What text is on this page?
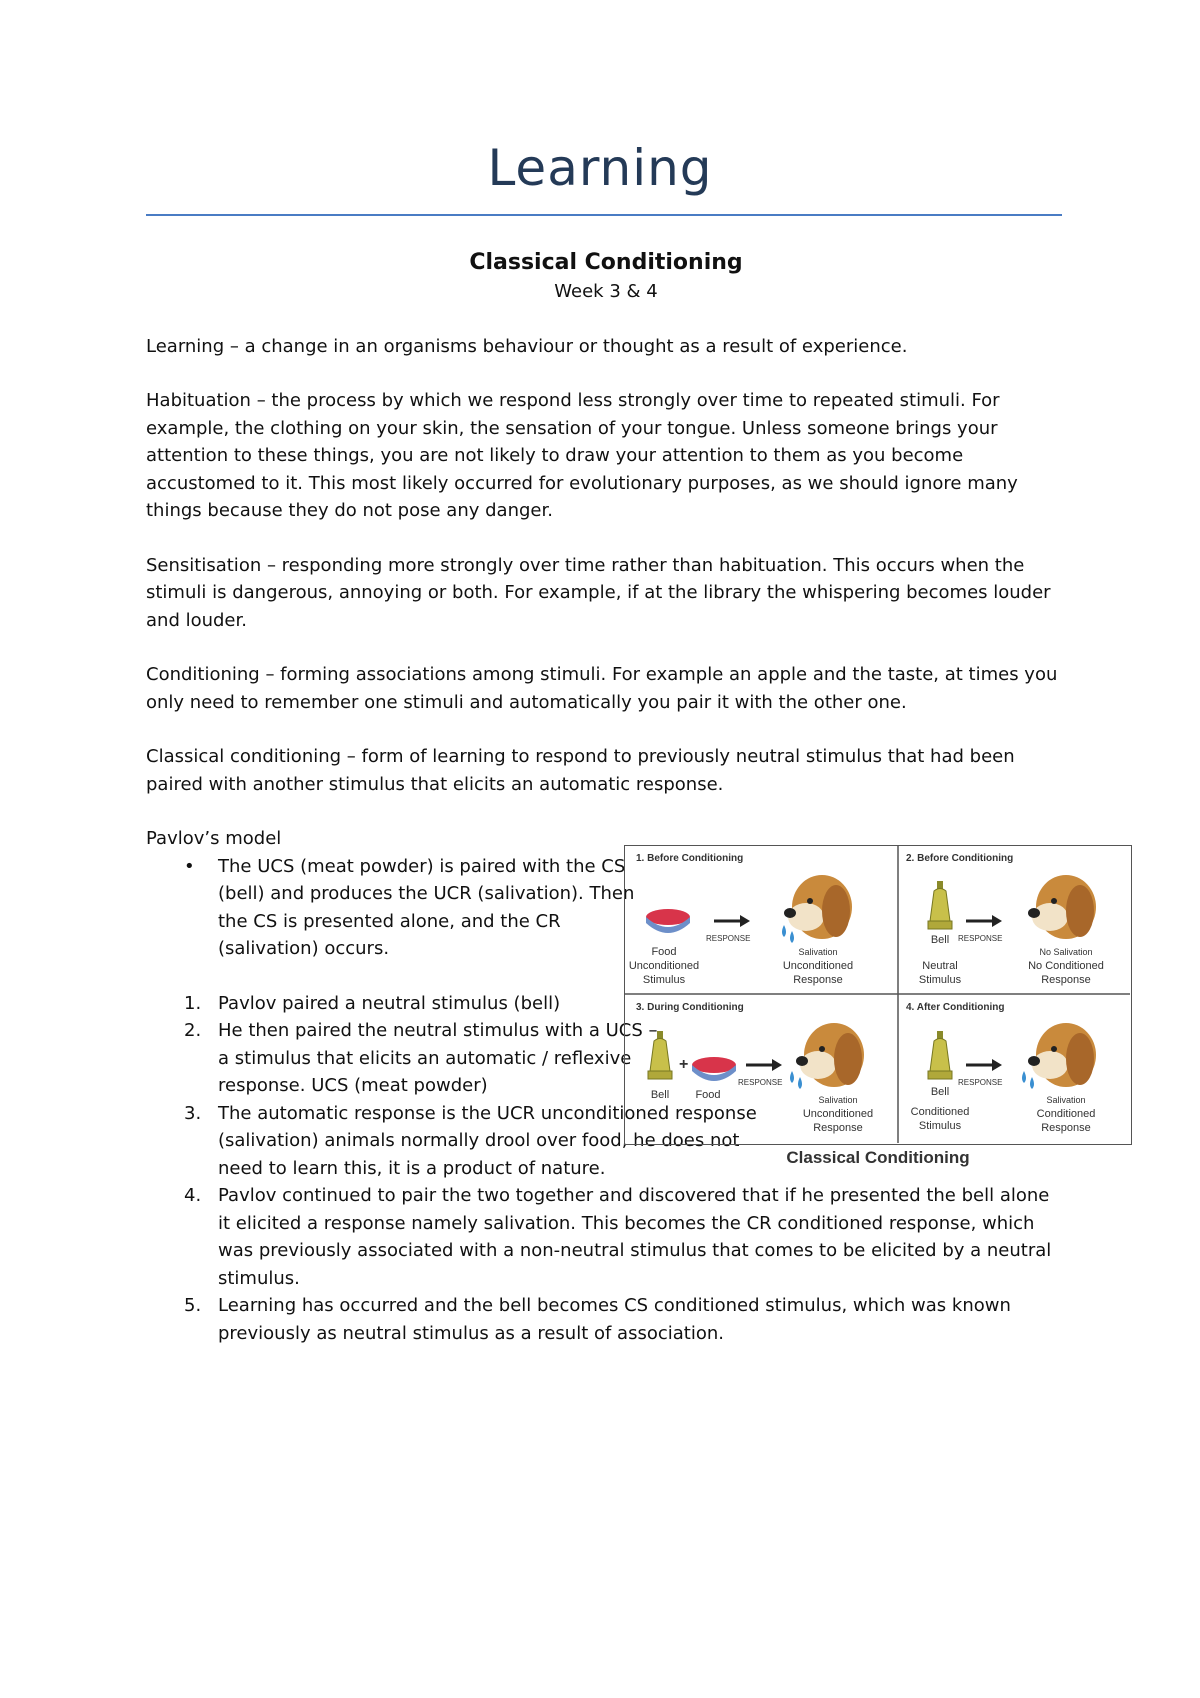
Learning
Classical Conditioning
Week 3 & 4

Learning – a change in an organisms behaviour or thought as a result of experience.

Habituation – the process by which we respond less strongly over time to repeated stimuli. For example, the clothing on your skin, the sensation of your tongue. Unless someone brings your attention to these things, you are not likely to draw your attention to them as you become accustomed to it. This most likely occurred for evolutionary purposes, as we should ignore many things because they do not pose any danger.

Sensitisation – responding more strongly over time rather than habituation. This occurs when the stimuli is dangerous, annoying or both. For example, if at the library the whispering becomes louder and louder.

Conditioning – forming associations among stimuli. For example an apple and the taste, at times you only need to remember one stimuli and automatically you pair it with the other one.

Classical conditioning – form of learning to respond to previously neutral stimulus that had been paired with another stimulus that elicits an automatic response.

Pavlov’s model
• The UCS (meat powder) is paired with the CS (bell) and produces the UCR (salivation). Then the CS is presented alone, and the CR (salivation) occurs.
1. Pavlov paired a neutral stimulus (bell)
2. He then paired the neutral stimulus with a UCS – a stimulus that elicits an automatic / reflexive response. UCS (meat powder)
3. The automatic response is the UCR unconditioned response (salivation) animals normally drool over food, he does not need to learn this, it is a product of nature.
4. Pavlov continued to pair the two together and discovered that if he presented the bell alone it elicited a response namely salivation. This becomes the CR conditioned response, which was previously associated with a non-neutral stimulus that comes to be elicited by a neutral stimulus.
5. Learning has occurred and the bell becomes CS conditioned stimulus, which was known previously as neutral stimulus as a result of association.
1. Before Conditioning
RESPONSE
Food
Unconditioned
Stimulus
Salivation
Unconditioned
Response
2. Before Conditioning
RESPONSE
Bell
Neutral
Stimulus
No Salivation
No Conditioned
Response
3. During Conditioning
+
RESPONSE
Bell Food	Salivation
Unconditioned
Response
4. After Conditioning
RESPONSE
Bell
Conditioned
Stimulus
Salivation
Conditioned
Response
Classical Conditioning
